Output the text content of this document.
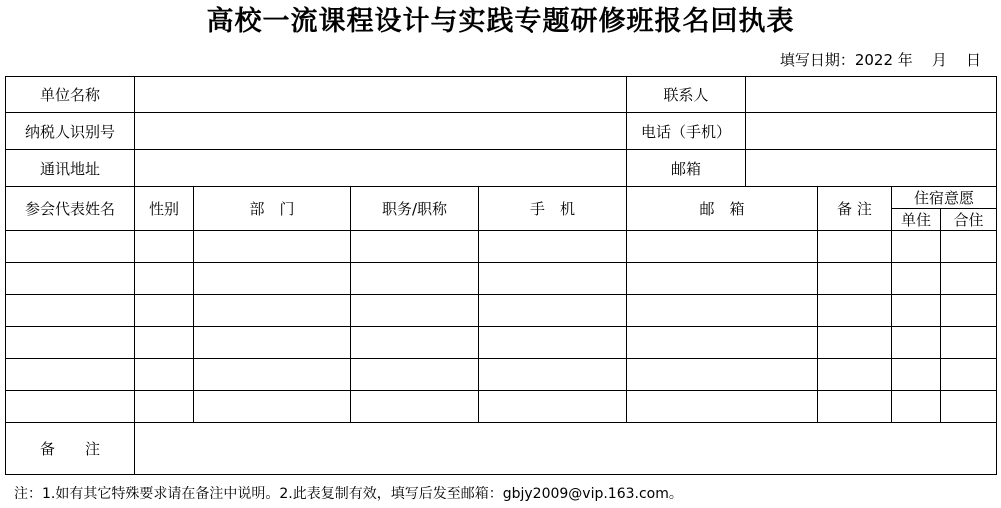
高校一流课程设计与实践专题研修班报名回执表
填写日期：2022 年 月 日
单位名称					联系人	

纳税人识别号					电话（手机）	

通讯地址					邮箱	

参会代表姓名	性别	部　门	职务/职称	手　机	邮　箱		备 注	住宿意愿	
								单住	合住

备　　注	
注：1.如有其它特殊要求请在备注中说明。2.此表复制有效，填写后发至邮箱：gbjy2009@vip.163.com。
